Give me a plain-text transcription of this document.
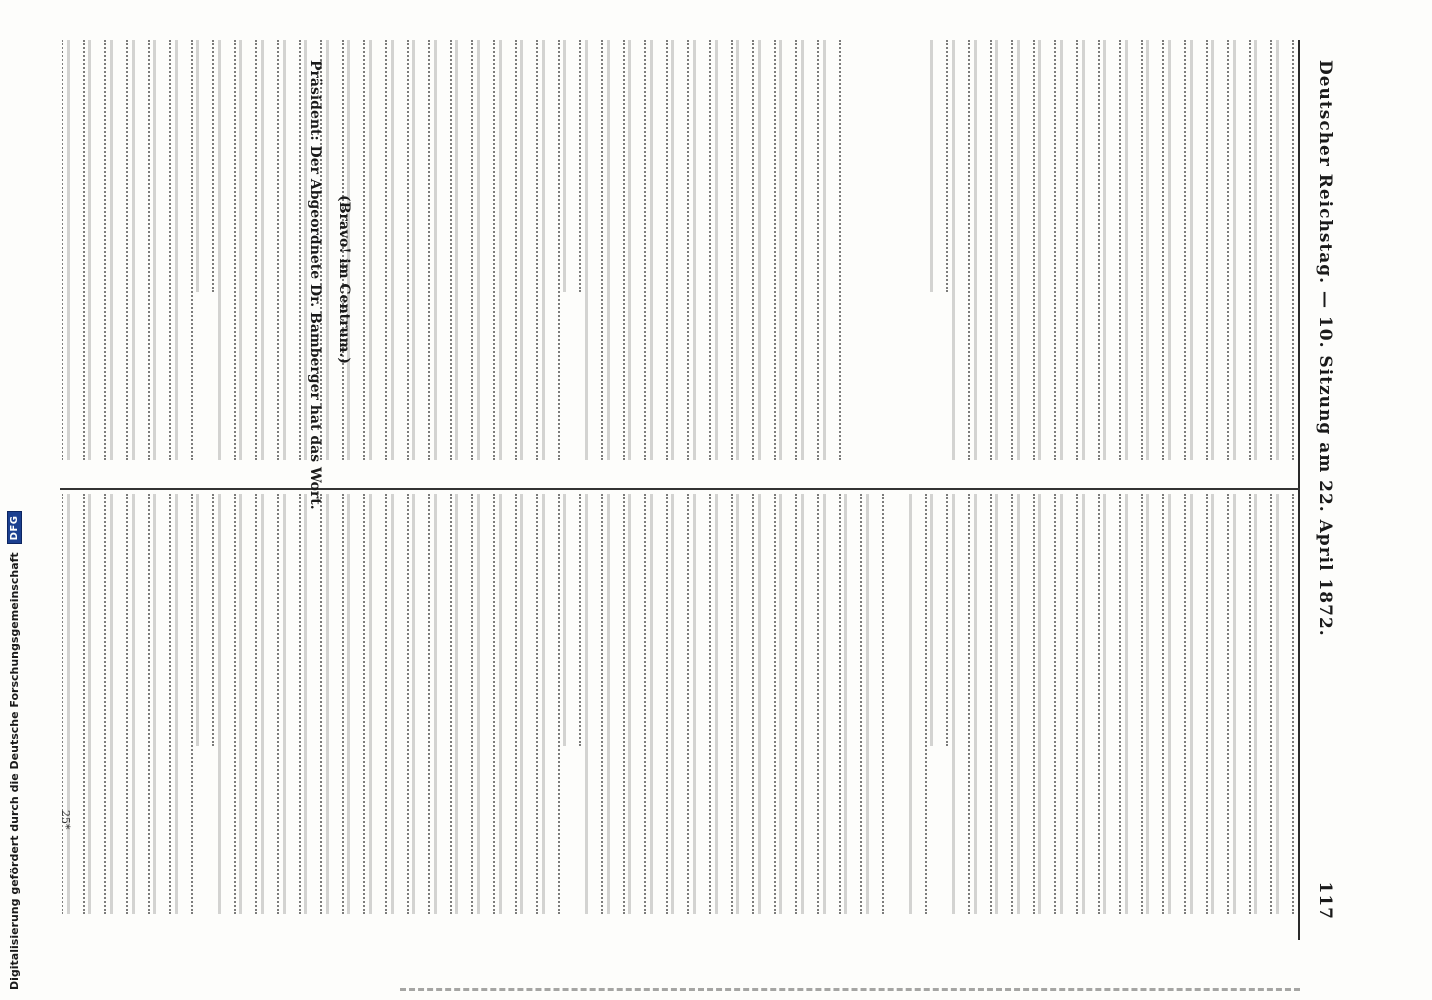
Deutscher Reichstag. — 10. Sitzung am 22. April 1872.
117
(Bravo! im Centrum.)
Präsident: Der Abgeordnete Dr. Bamberger hat das Wort.
25*
Digitalisierung gefördert durch die Deutsche Forschungsgemeinschaft
DFG
